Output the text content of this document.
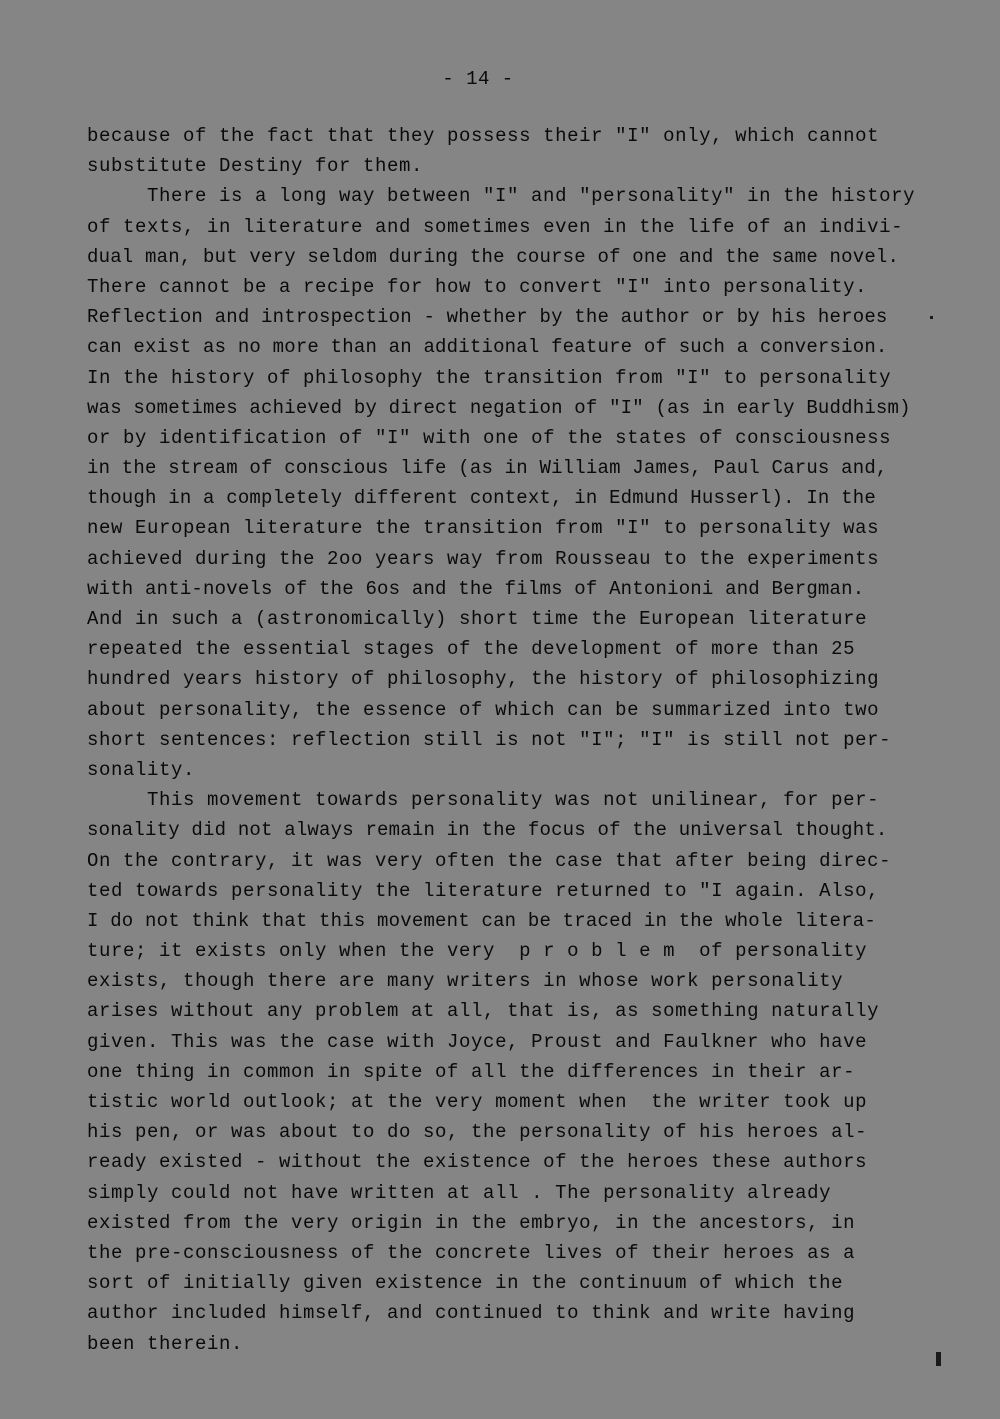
- 14 -
because of the fact that they possess their "I" only, which cannot
substitute Destiny for them.
There is a long way between "I" and "personality" in the history
of texts, in literature and sometimes even in the life of an indivi-
dual man, but very seldom during the course of one and the same novel.
There cannot be a recipe for how to convert "I" into personality.
Reflection and introspection - whether by the author or by his heroes
can exist as no more than an additional feature of such a conversion.
In the history of philosophy the transition from "I" to personality
was sometimes achieved by direct negation of "I" (as in early Buddhism)
or by identification of "I" with one of the states of consciousness
in the stream of conscious life (as in William James, Paul Carus and,
though in a completely different context, in Edmund Husserl). In the
new European literature the transition from "I" to personality was
achieved during the 2oo years way from Rousseau to the experiments
with anti-novels of the 6os and the films of Antonioni and Bergman.
And in such a (astronomically) short time the European literature
repeated the essential stages of the development of more than 25
hundred years history of philosophy, the history of philosophizing
about personality, the essence of which can be summarized into two
short sentences: reflection still is not "I"; "I" is still not per-
sonality.
This movement towards personality was not unilinear, for per-
sonality did not always remain in the focus of the universal thought.
On the contrary, it was very often the case that after being direc-
ted towards personality the literature returned to "I again. Also,
I do not think that this movement can be traced in the whole litera-
ture; it exists only when the very  p r o b l e m  of personality
exists, though there are many writers in whose work personality
arises without any problem at all, that is, as something naturally
given. This was the case with Joyce, Proust and Faulkner who have
one thing in common in spite of all the differences in their ar-
tistic world outlook; at the very moment when  the writer took up
his pen, or was about to do so, the personality of his heroes al-
ready existed - without the existence of the heroes these authors
simply could not have written at all . The personality already
existed from the very origin in the embryo, in the ancestors, in
the pre-consciousness of the concrete lives of their heroes as a
sort of initially given existence in the continuum of which the
author included himself, and continued to think and write having
been therein.
